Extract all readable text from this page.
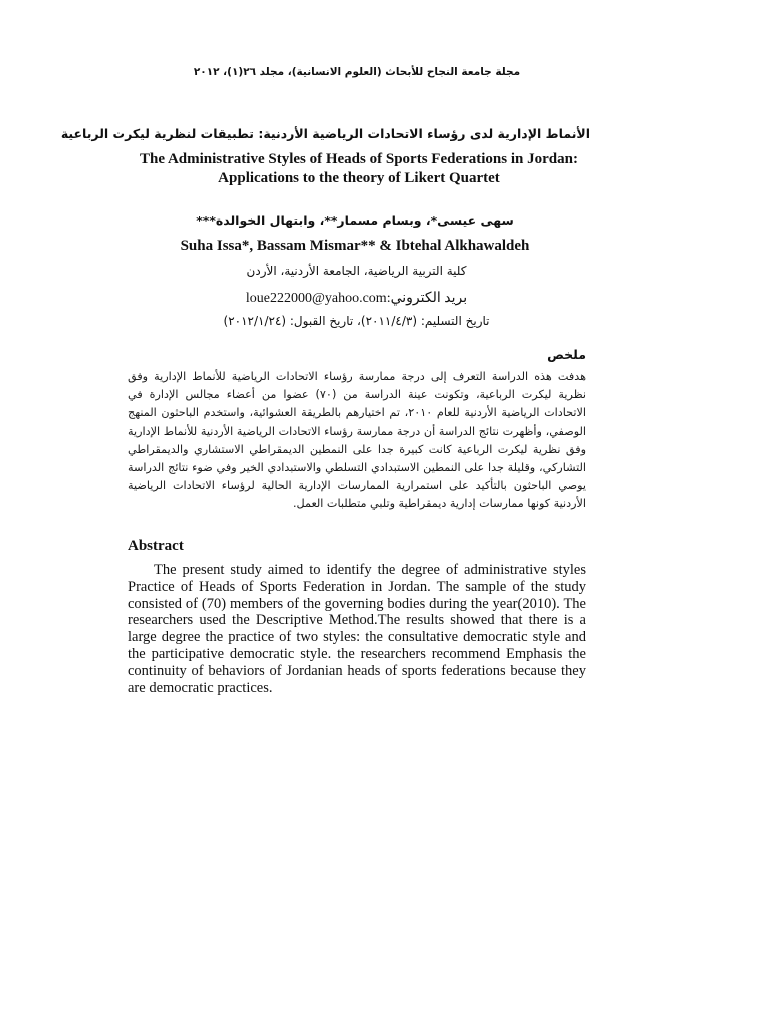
مجلة جامعة النجاح للأبحاث (العلوم الانسانية)، مجلد ٢٦(١)، ٢٠١٢
الأنماط الإدارية لدى رؤساء الاتحادات الرياضية الأردنية: تطبيقات لنظرية ليكرت الرباعية
The Administrative Styles of Heads of Sports Federations in Jordan: Applications to the theory of Likert Quartet
سهى عيسى*، وبسام مسمار**، وابتهال الخوالدة***
Suha Issa*, Bassam Mismar** & Ibtehal Alkhawaldeh
كلية التربية الرياضية، الجامعة الأردنية، الأردن
بريد الكتروني:loue222000@yahoo.com
تاريخ التسليم: (٢٠١١/٤/٣)، تاريخ القبول: (٢٠١٢/١/٢٤)
ملخص
هدفت هذه الدراسة التعرف إلى درجة ممارسة رؤساء الاتحادات الرياضية للأنماط الإدارية وفق نظرية ليكرت الرباعية، وتكونت عينة الدراسة من (٧٠) عضوا من أعضاء مجالس الإدارة في الاتحادات الرياضية الأردنية للعام ٢٠١٠، تم اختيارهم بالطريقة العشوائية، واستخدم الباحثون المنهج الوصفي، وأظهرت نتائج الدراسة أن درجة ممارسة رؤساء الاتحادات الرياضية الأردنية للأنماط الإدارية وفق نظرية ليكرت الرباعية كانت كبيرة جدا على النمطين الديمقراطي الاستشاري والديمقراطي التشاركي، وقليلة جدا على النمطين الاستبدادي التسلطي والاستبدادي الخير وفي ضوء نتائج الدراسة يوصي الباحثون بالتأكيد على استمرارية الممارسات الإدارية الحالية لرؤساء الاتحادات الرياضية الأردنية كونها ممارسات إدارية ديمقراطية وتلبي متطلبات العمل.
Abstract
The present study aimed to identify the degree of administrative styles Practice of Heads of Sports Federation in Jordan. The sample of the study consisted of (70) members of the governing bodies during the year(2010). The researchers used the Descriptive Method.The results showed that there is a large degree the practice of two styles: the consultative democratic style and the participative democratic style. the researchers recommend Emphasis the continuity of behaviors of Jordanian heads of sports federations because they are democratic practices.
